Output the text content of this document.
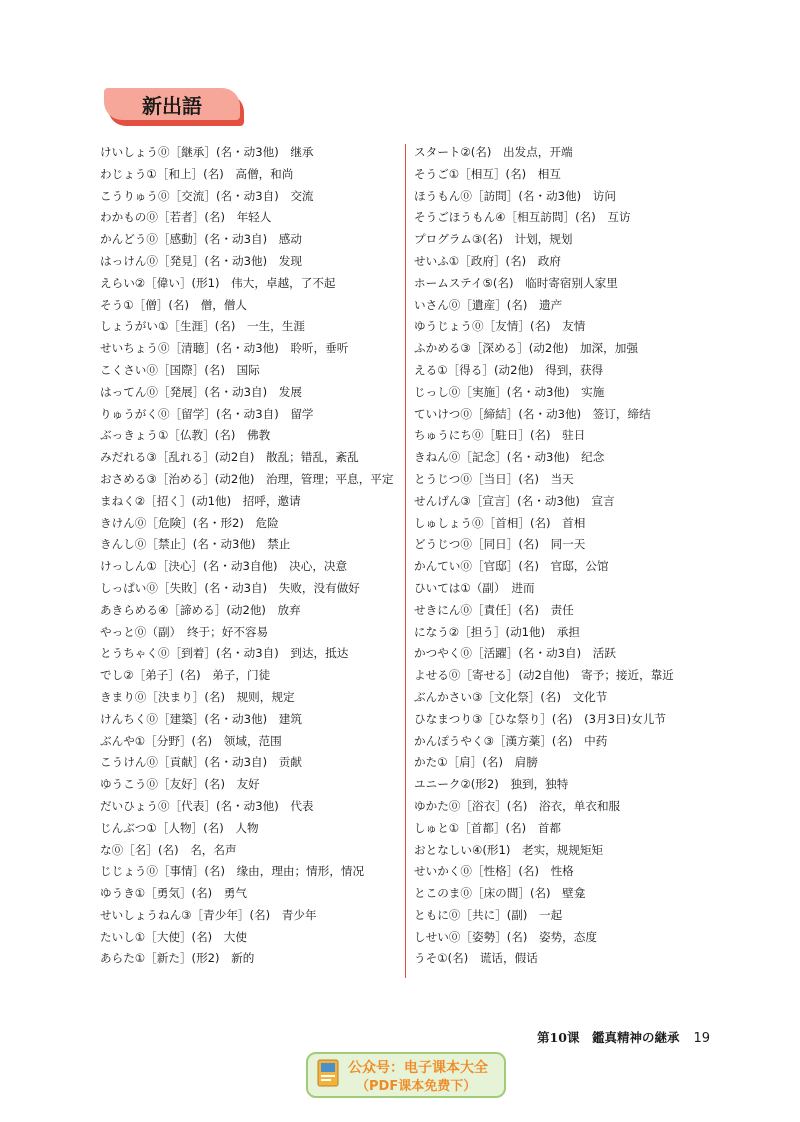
新出語
けいしょう⓪［継承］(名・动3他)　继承
わじょう①［和上］(名)　高僧，和尚
こうりゅう⓪［交流］(名・动3自)　交流
わかもの⓪［若者］(名)　年轻人
かんどう⓪［感動］(名・动3自)　感动
はっけん⓪［発見］(名・动3他)　发现
えらい②［偉い］(形1)　伟大，卓越，了不起
そう①［僧］(名)　僧，僧人
しょうがい①［生涯］(名)　一生，生涯
せいちょう⓪［清聴］(名・动3他)　聆听，垂听
こくさい⓪［国際］(名)　国际
はってん⓪［発展］(名・动3自)　发展
りゅうがく⓪［留学］(名・动3自)　留学
ぶっきょう①［仏教］(名)　佛教
みだれる③［乱れる］(动2自)　散乱；错乱，紊乱
おさめる③［治める］(动2他)　治理，管理；平息，平定
まねく②［招く］(动1他)　招呼，邀请
きけん⓪［危険］(名・形2)　危险
きんし⓪［禁止］(名・动3他)　禁止
けっしん①［決心］(名・动3自他)　决心，决意
しっぱい⓪［失敗］(名・动3自)　失败，没有做好
あきらめる④［諦める］(动2他)　放弃
やっと⓪（副）　终于；好不容易
とうちゃく⓪［到着］(名・动3自)　到达，抵达
でし②［弟子］(名)　弟子，门徒
きまり⓪［決まり］(名)　规则，规定
けんちく⓪［建築］(名・动3他)　建筑
ぶんや①［分野］(名)　领域，范围
こうけん⓪［貢献］(名・动3自)　贡献
ゆうこう⓪［友好］(名)　友好
だいひょう⓪［代表］(名・动3他)　代表
じんぶつ①［人物］(名)　人物
な⓪［名］(名)　名，名声
じじょう⓪［事情］(名)　缘由，理由；情形，情况
ゆうき①［勇気］(名)　勇气
せいしょうねん③［青少年］(名)　青少年
たいし①［大使］(名)　大使
あらた①［新た］(形2)　新的
スタート②(名)　出发点，开端
そうご①［相互］(名)　相互
ほうもん⓪［訪問］(名・动3他)　访问
そうごほうもん④［相互訪問］(名)　互访
プログラム③(名)　计划，规划
せいふ①［政府］(名)　政府
ホームステイ⑤(名)　临时寄宿别人家里
いさん⓪［遺産］(名)　遗产
ゆうじょう⓪［友情］(名)　友情
ふかめる③［深める］(动2他)　加深，加强
える①［得る］(动2他)　得到，获得
じっし⓪［実施］(名・动3他)　实施
ていけつ⓪［締結］(名・动3他)　签订，缔结
ちゅうにち⓪［駐日］(名)　驻日
きねん⓪［記念］(名・动3他)　纪念
とうじつ⓪［当日］(名)　当天
せんげん③［宣言］(名・动3他)　宣言
しゅしょう⓪［首相］(名)　首相
どうじつ⓪［同日］(名)　同一天
かんてい⓪［官邸］(名)　官邸，公馆
ひいては①（副）　进而
せきにん⓪［責任］(名)　责任
になう②［担う］(动1他)　承担
かつやく⓪［活躍］(名・动3自)　活跃
よせる⓪［寄せる］(动2自他)　寄予；接近，靠近
ぶんかさい③［文化祭］(名)　文化节
ひなまつり③［ひな祭り］(名)　(3月3日)女儿节
かんぽうやく③［漢方薬］(名)　中药
かた①［肩］(名)　肩膀
ユニーク②(形2)　独到，独特
ゆかた⓪［浴衣］(名)　浴衣，单衣和服
しゅと①［首都］(名)　首都
おとなしい④(形1)　老实，规规矩矩
せいかく⓪［性格］(名)　性格
とこのま⓪［床の間］(名)　壁龛
ともに⓪［共に］(副)　一起
しせい⓪［姿勢］(名)　姿势，态度
うそ①(名)　谎话，假话
第10课　鑑真精神の継承 19
公众号：电子课本大全
（PDF课本免费下）
